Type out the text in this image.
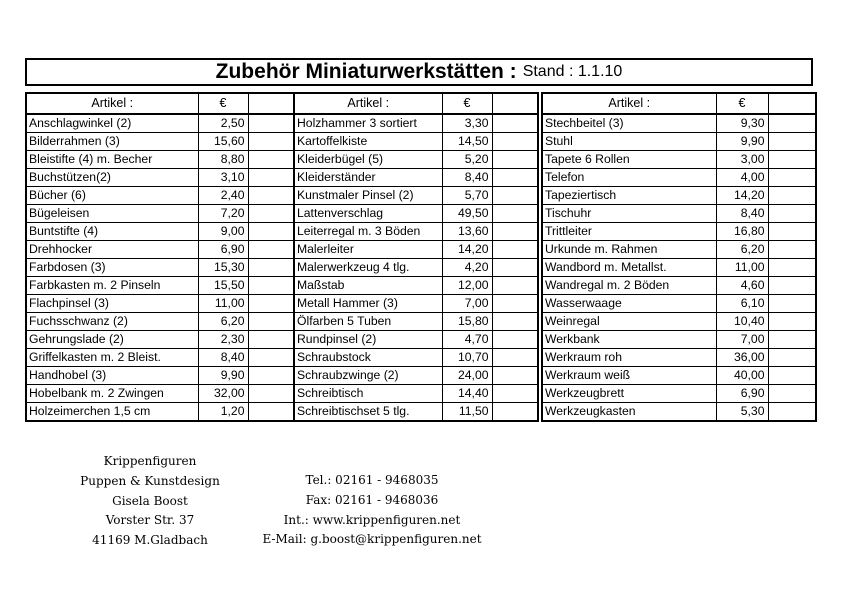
Zubehör Miniaturwerkstätten : Stand : 1.1.10
Artikel :	€	
Anschlagwinkel (2)	2,50	
Bilderrahmen (3)	15,60	
Bleistifte (4) m. Becher	8,80	
Buchstützen(2)	3,10	
Bücher (6)	2,40	
Bügeleisen	7,20	
Buntstifte (4)	9,00	
Drehhocker	6,90	
Farbdosen (3)	15,30	
Farbkasten m. 2 Pinseln	15,50	
Flachpinsel (3)	11,00	
Fuchsschwanz (2)	6,20	
Gehrungslade (2)	2,30	
Griffelkasten m. 2 Bleist.	8,40	
Handhobel (3)	9,90	
Hobelbank m. 2 Zwingen	32,00	
Holzeimerchen 1,5 cm	1,20	
Artikel :	€	
Holzhammer 3 sortiert	3,30	
Kartoffelkiste	14,50	
Kleiderbügel (5)	5,20	
Kleiderständer	8,40	
Kunstmaler Pinsel (2)	5,70	
Lattenverschlag	49,50	
Leiterregal m. 3 Böden	13,60	
Malerleiter	14,20	
Malerwerkzeug 4 tlg.	4,20	
Maßstab	12,00	
Metall Hammer (3)	7,00	
Ölfarben 5 Tuben	15,80	
Rundpinsel (2)	4,70	
Schraubstock	10,70	
Schraubzwinge (2)	24,00	
Schreibtisch	14,40	
Schreibtischset 5 tlg.	11,50	
Artikel :	€	
Stechbeitel (3)	9,30	
Stuhl	9,90	
Tapete 6 Rollen	3,00	
Telefon	4,00	
Tapeziertisch	14,20	
Tischuhr	8,40	
Trittleiter	16,80	
Urkunde m. Rahmen	6,20	
Wandbord m. Metallst.	11,00	
Wandregal m. 2 Böden	4,60	
Wasserwaage	6,10	
Weinregal	10,40	
Werkbank	7,00	
Werkraum roh	36,00	
Werkraum weiß	40,00	
Werkzeugbrett	6,90	
Werkzeugkasten	5,30	
Krippenfiguren
Puppen & Kunstdesign
Gisela Boost
Vorster Str. 37
41169 M.Gladbach
Tel.: 02161 - 9468035
Fax: 02161 - 9468036
Int.: www.krippenfiguren.net
E-Mail: g.boost@krippenfiguren.net
